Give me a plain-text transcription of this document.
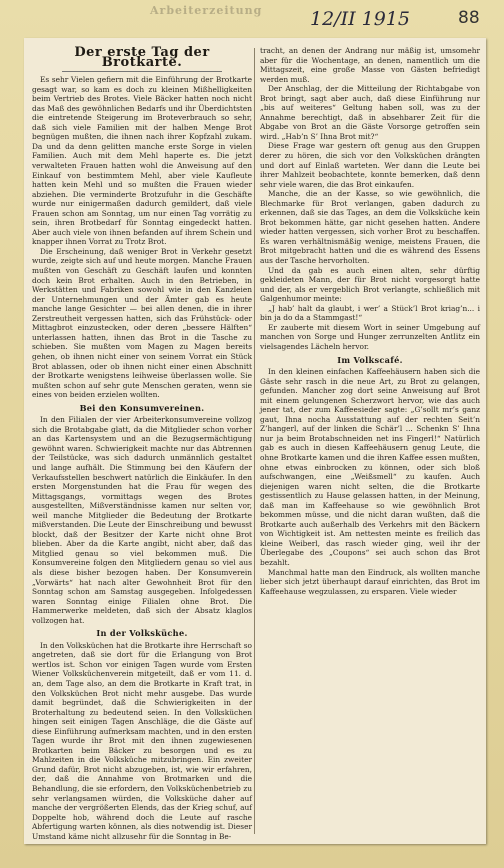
Arbeiterzeitung	12/II 1915	88
Der erste Tag der Brotkarte.

Es sehr Vielen gefiern mit die Einführung der Brotkarte gesagt war, so kam es doch zu kleinen Mißhelligkeiten beim Vertrieb des Brotes. Viele Bäcker hatten noch nicht das Maß des gewöhnlichen Bedarfs und ihr Überdichtsten die eintretende Steigerung im Broteverbrauch so sehr, daß sich viele Familien mit der halben Menge Brot begnügen mußten, die ihnen nach ihrer Kopfzahl zukam. Da und da denn gelitten manche erste Sorge in vielen Familien. Auch mit dem Mehl haperte es. Die jetzt verwalteten Frauen hatten wohl die Anweisung auf den Einkauf von bestimmtem Mehl, aber viele Kaufleute hatten kein Mehl und so mußten die Frauen wieder abziehen. Die verminderte Brotzufuhr in die Geschäfte wurde nur einigermaßen dadurch gemildert, daß viele Frauen schon am Sonntag, um nur einen Tag vorrätig zu sein, ihren Brotbedarf für Sonntag eingedeckt hatten. Aber auch viele von ihnen befanden auf ihrem Schein und knapper ihnen Vorrat zu Trotz Brot.

Die Erscheinung, daß weniger Brot in Verkehr gesetzt wurde, zeigte sich auf und heute morgen. Manche Frauen mußten von Geschäft zu Geschäft laufen und konnten doch kein Brot erhalten. Auch in den Betrieben, in Werkstätten und Fabriken sowohl wie in den Kanzleien der Unternehmungen und der Ämter gab es heute manche lange Gesichter — bei allen denen, die in ihrer Zerstreutheit vergessen hatten, sich das Frühstück- oder Mittagbrot einzustecken, oder deren „bessere Hälften“ unterlassen hatten, ihnen das Brot in die Tasche zu schieben. Sie mußten vom Magen zu Magen bereits gehen, ob ihnen nicht einer von seinem Vorrat ein Stück Brot ablassen, oder ob ihnen nicht einer einen Abschnitt der Brotkarte wenigstens leihweise überlassen wolle. Sie mußten schon auf sehr gute Menschen geraten, wenn sie eines von beiden erzielen wollten.

Bei den Konsumvereinen.

In den Filialen der vier Arbeiterkonsumvereine vollzog sich die Brotabgabe glatt, da die Mitglieder schon vorher an das Kartensystem und an die Bezugsermächtigung gewöhnt waren. Schwierigkeit machte nur das Abtrennen der Teilstücke, was sich dadurch unmännlich gestaltet und lange aufhält. Die Stimmung bei den Käufern der Verkaufsstellen beschwert natürlich die Einkäufer. In den ersten Morgenstunden hat die Frau für wegen des Mittagsgangs, vormittags wegen des Brotes ausgestellten, Mißverständnisse kamen nur selten vor, weil manche Mitglieder die Bedeutung der Brotkarte mißverstanden. Die Leute der Einschreibung und bewusst blockt, daß der Besitzer der Karte nicht ohne Brot blieben. Aber da die Karte angibt, nicht aber, daß das Mitglied genau so viel bekommen muß. Die Konsumvereine folgen den Mitgliedern genau so viel aus als diese bisher bezogen haben. Der Konsumverein „Vorwärts“ hat nach alter Gewohnheit Brot für den Sonntag schon am Samstag ausgegeben. Infolgedessen waren Sonntag einige Filialen ohne Brot. Die Hammerwerke meldeten, daß sich der Absatz klaglos vollzogen hat.

In der Volksküche.

In den Volksküchen hat die Brotkarte ihre Herrschaft so angetreten, daß sie dort für die Erlangung von Brot wertlos ist. Schon vor einigen Tagen wurde vom Ersten Wiener Volksküchenverein mitgeteilt, daß er vom 11. d. an, dem Tage also, an dem die Brotkarte in Kraft trat, in den Volksküchen Brot nicht mehr ausgebe. Das wurde damit begründet, daß die Schwierigkeiten in der Broterhaltung zu bedeutend seien. In den Volksküchen hingen seit einigen Tagen Anschläge, die die Gäste auf diese Einführung aufmerksam machten, und in den ersten Tagen wurde ihr Brot mit den ihnen zugewiesenen Brotkarten beim Bäcker zu besorgen und es zu Mahlzeiten in die Volksküche mitzubringen. Ein zweiter Grund dafür, Brot nicht abzugeben, ist, wie wir erfahren, der, daß die Annahme von Brotmarken und die Behandlung, die sie erfordern, den Volksküchenbetrieb zu sehr verlangsamen würden, die Volksküche daher auf manche der vergrößerten Elends, das der Krieg schuf, auf Doppelte hob, während doch die Leute auf rasche Abfertigung warten können, als dies notwendig ist. Dieser Umstand käme nicht allzusehr für die Sonntag in Be-

tracht, an denen der Andrang nur mäßig ist, umsomehr aber für die Wochentage, an denen, namentlich um die Mittagszeit, eine große Masse von Gästen befriedigt werden muß.

Der Anschlag, der die Mitteilung der Richtabgabe von Brot bringt, sagt aber auch, daß diese Einführung nur „bis auf weiteres“ Geltung haben soll, was zu der Annahme berechtigt, daß in absehbarer Zeit für die Abgabe von Brot an die Gäste Vorsorge getroffen sein wird. „Hab’n S’ Ihna Brot mit?“

Diese Frage war gestern oft genug aus den Gruppen derer zu hören, die sich vor den Volksküchen drängten und dort auf Einlaß warteten. Wer dann die Leute bei ihrer Mahlzeit beobachtete, konnte bemerken, daß denn sehr viele waren, die das Brot einkaufen.

Manche, die an der Kasse, so wie gewöhnlich, die Blechmarke für Brot verlangen, gaben dadurch zu erkennen, daß sie das Tages, an dem die Volksküche kein Brot bekommen hätte, gar nicht gesehen hatten. Andere wieder hatten vergessen, sich vorher Brot zu beschaffen. Es waren verhältnismäßig wenige, meistens Frauen, die Brot mitgebracht hatten und die es während des Essens aus der Tasche hervorholten.

Und da gab es auch einen alten, sehr dürftig gekleideten Mann, der für Brot nicht vorgesorgt hatte und der, als er vergeblich Brot verlangte, schließlich mit Galgenhumor meinte:

„J hab’ halt da glaubt, i wer’ a Stück’l Brot kriag’n... i bin ja do da a Stammgast!“

Er zauberte mit diesem Wort in seiner Umgebung auf manchen von Sorge und Hunger zerrunzelten Antlitz ein vielsagendes Lächeln hervor.

Im Volkscafé.

In den kleinen einfachen Kaffeehäusern haben sich die Gäste sehr rasch in die neue Art, zu Brot zu gelangen, gefunden. Mancher zog dort seine Anweisung auf Brot mit einem gelungenen Scherzwort hervor, wie das auch jener tat, der zum Kaffeesieder sagte: „G’sollt mr’s ganz gaut, Ihna nocha Ausstattung auf der rechten Seit’n Z’hangerl, auf der linken die Schär’l ... Schenkn S’ Ihna nur ja beim Brotabschneiden net ins Fingerl!“ Natürlich gab es auch in diesen Kaffeehäusern genug Leute, die ohne Brotkarte kamen und die ihren Kaffee essen mußten, ohne etwas einbrocken zu können, oder sich bloß aufschwangen, eine „Weißsmell“ zu kaufen. Auch diejenigen waren nicht selten, die die Brotkarte gestissentlich zu Hause gelassen hatten, in der Meinung, daß man im Kaffeehause so wie gewöhnlich Brot bekommen müsse, und die nicht daran wußten, daß die Brotkarte auch außerhalb des Verkehrs mit den Bäckern von Wichtigkeit ist. Am nettesten meinte es freilich das kleine Weiberl, das rasch wieder ging, weil ihr der Überlegabe des „Coupons“ sei auch schon das Brot bezahlt.

Manchmal hatte man den Eindruck, als wollten manche lieber sich jetzt überhaupt darauf einrichten, das Brot im Kaffeehause wegzulassen, zu ersparen. Viele wieder
